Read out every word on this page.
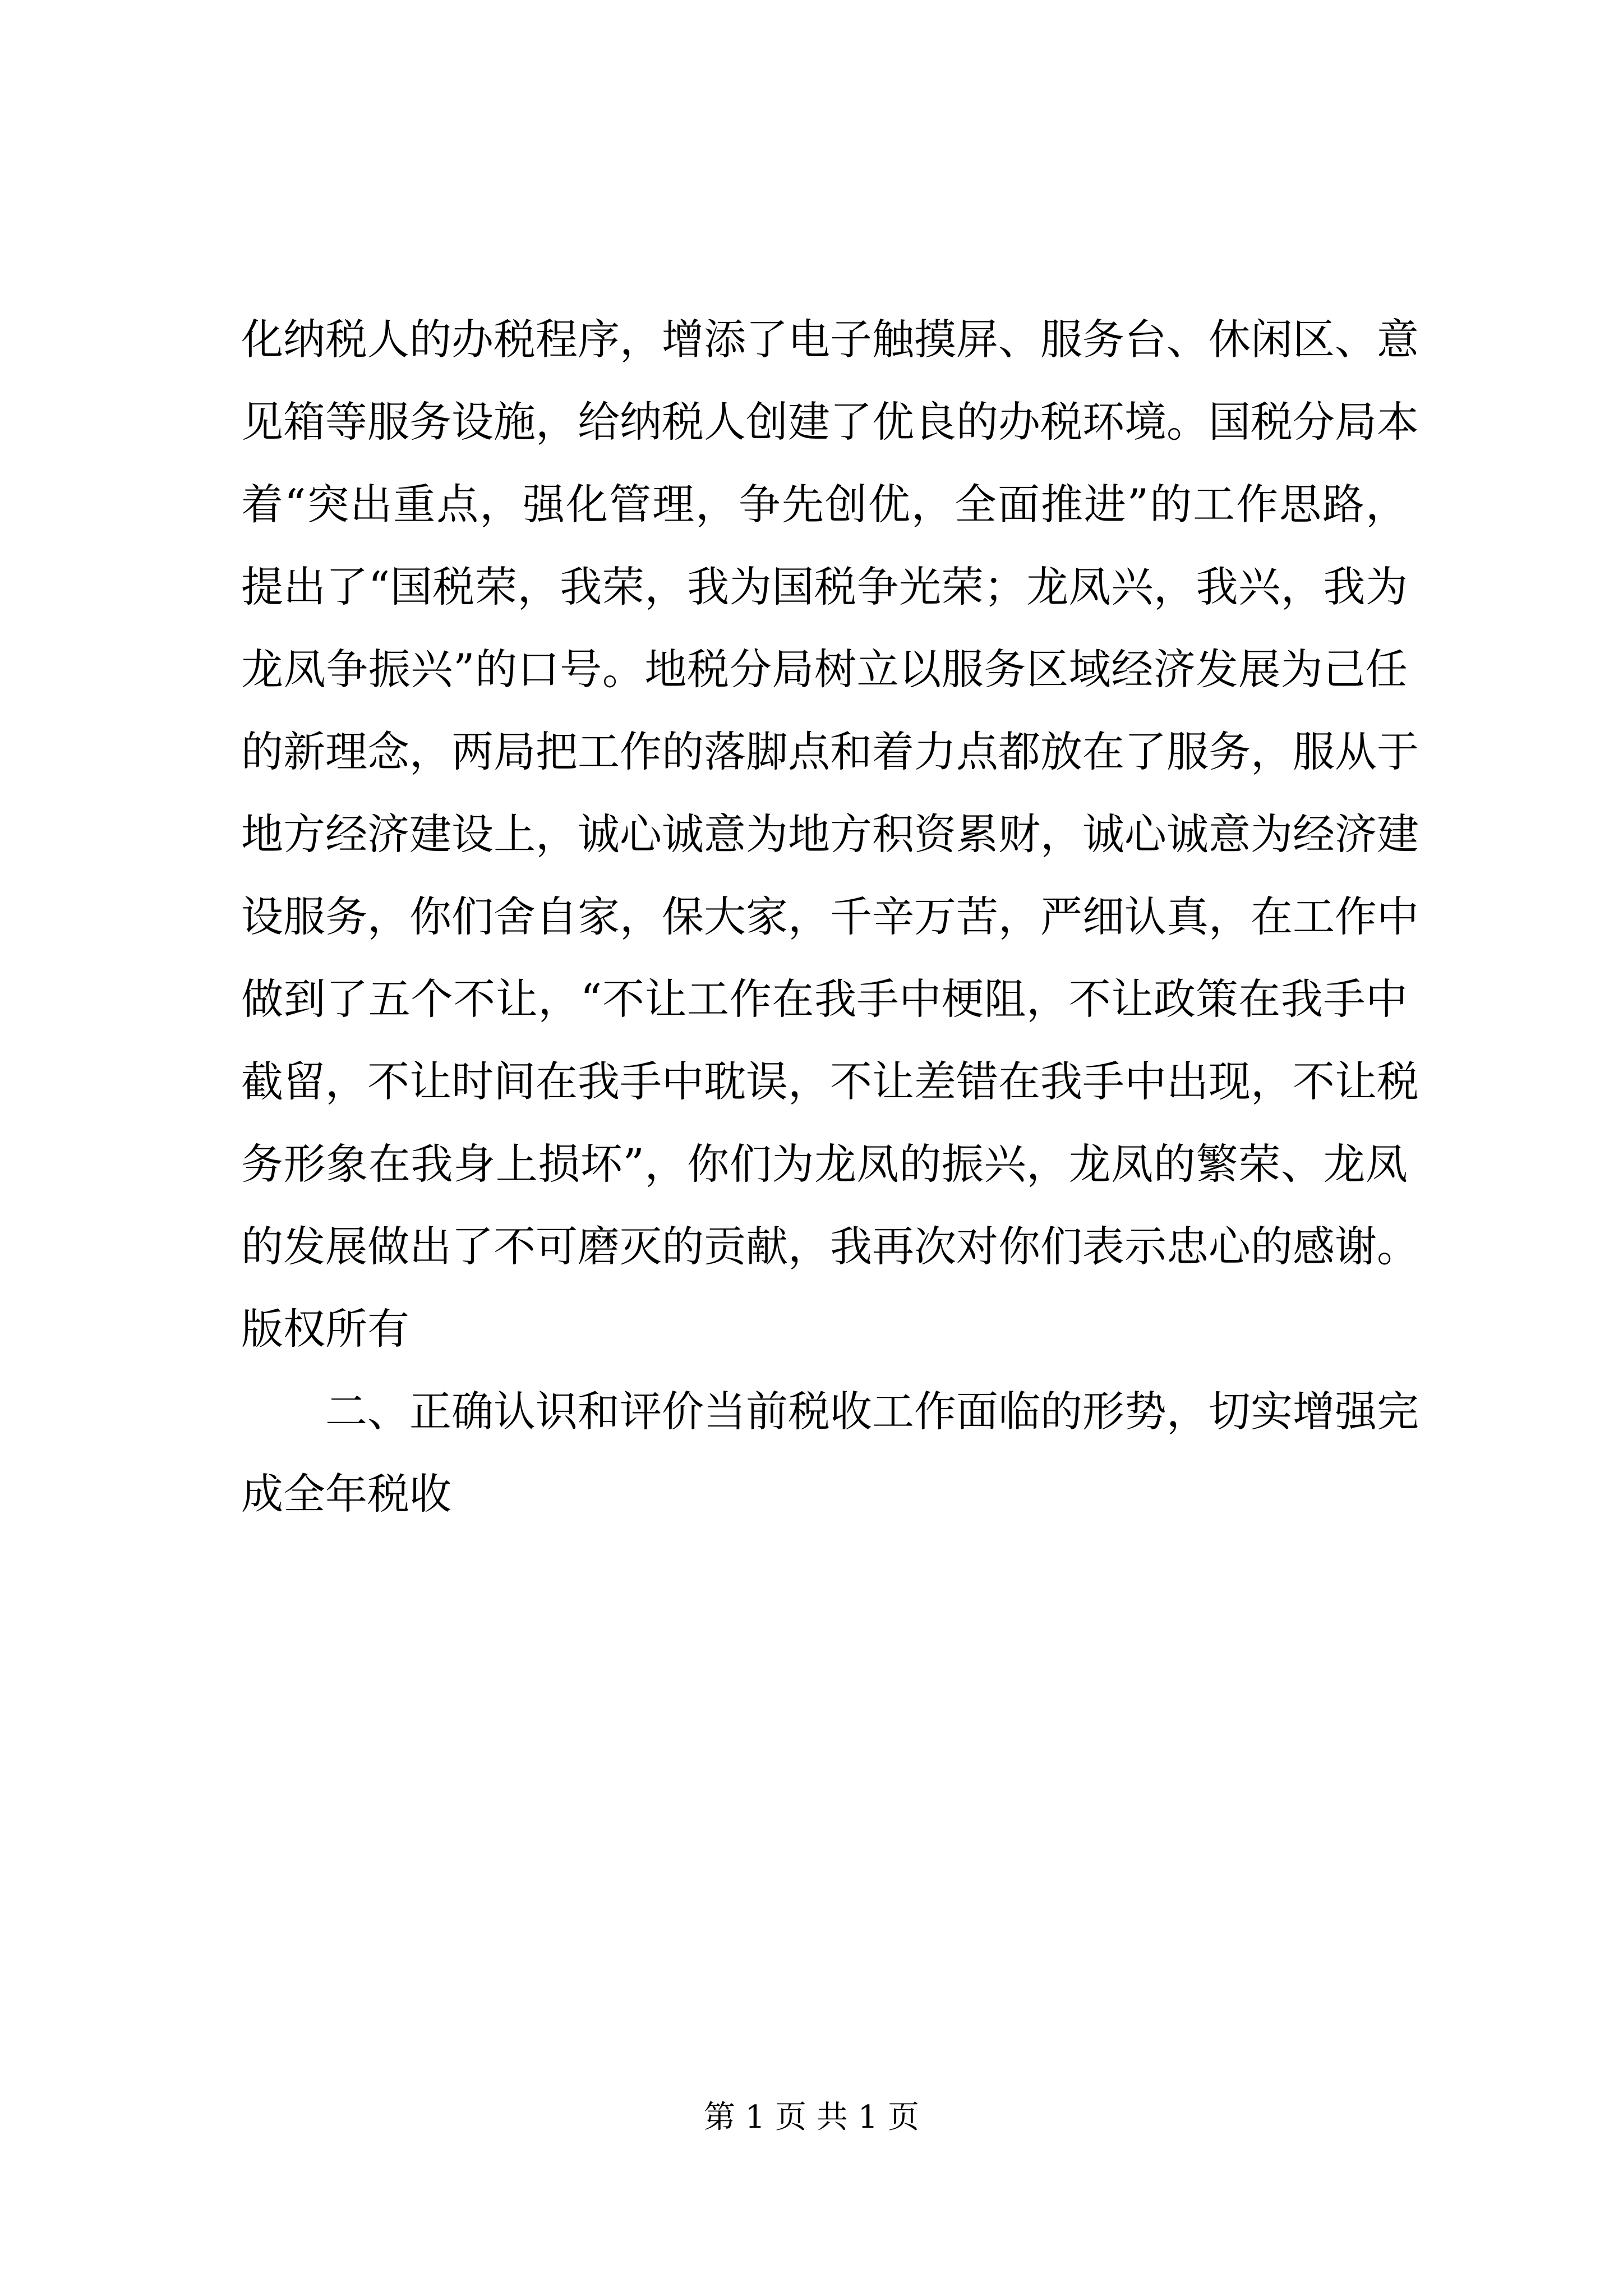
化纳税人的办税程序，增添了电子触摸屏、服务台、休闲区、意
见箱等服务设施，给纳税人创建了优良的办税环境。国税分局本
着“突出重点，强化管理，争先创优，全面推进”的工作思路，
提出了“国税荣，我荣，我为国税争光荣；龙凤兴，我兴，我为
龙凤争振兴”的口号。地税分局树立以服务区域经济发展为己任
的新理念，两局把工作的落脚点和着力点都放在了服务，服从于
地方经济建设上，诚心诚意为地方积资累财，诚心诚意为经济建
设服务，你们舍自家，保大家，千辛万苦，严细认真，在工作中
做到了五个不让，“不让工作在我手中梗阻，不让政策在我手中
截留，不让时间在我手中耽误，不让差错在我手中出现，不让税
务形象在我身上损坏”，你们为龙凤的振兴，龙凤的繁荣、龙凤
的发展做出了不可磨灭的贡献，我再次对你们表示忠心的感谢。
版权所有
二、正确认识和评价当前税收工作面临的形势，切实增强完
成全年税收
第 1 页 共 1 页
